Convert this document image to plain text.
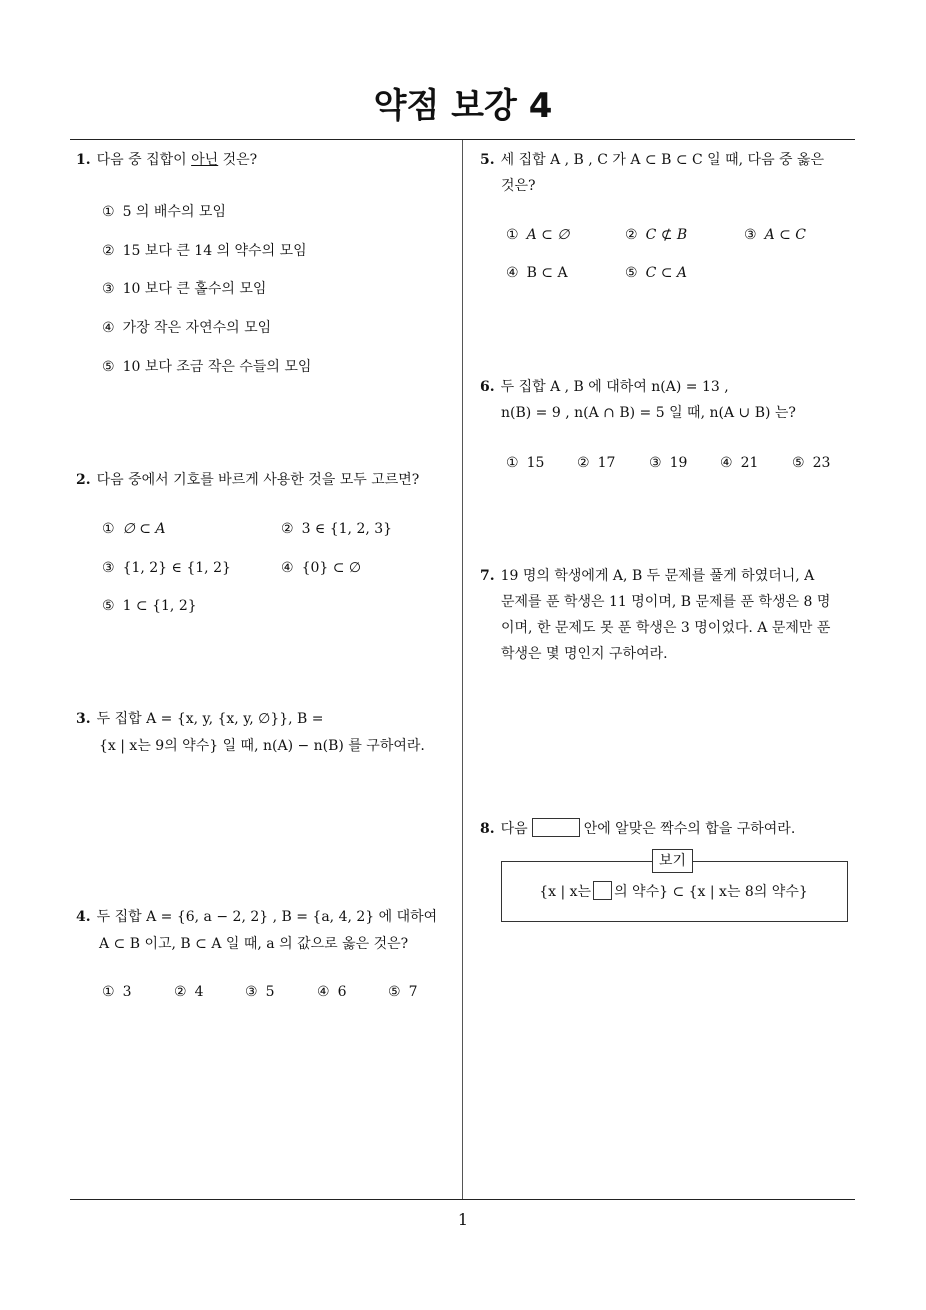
약점 보강 4
1
1. 다음 중 집합이 아닌 것은?
① 5 의 배수의 모임
② 15 보다 큰 14 의 약수의 모임
③ 10 보다 큰 홀수의 모임
④ 가장 작은 자연수의 모임
⑤ 10 보다 조금 작은 수들의 모임
2. 다음 중에서 기호를 바르게 사용한 것을 모두 고르면?
① ∅ ⊂ A	② 3 ∈ {1, 2, 3}
③ {1, 2} ∈ {1, 2}	④ {0} ⊂ ∅
⑤ 1 ⊂ {1, 2}
3. 두 집합 A = {x, y, {x, y, ∅}}, B =
{x | x는 9의 약수} 일 때, n(A) − n(B) 를 구하여라.
4. 두 집합 A = {6, a − 2, 2} , B = {a, 4, 2} 에 대하여
A ⊂ B 이고, B ⊂ A 일 때, a 의 값으로 옳은 것은?
① 3	② 4	③ 5	④ 6	⑤ 7
5. 세 집합 A , B , C 가 A ⊂ B ⊂ C 일 때, 다음 중 옳은
것은?
① A ⊂ ∅	② C ⊄ B	③ A ⊂ C
④ B ⊂ A	⑤ C ⊂ A
6. 두 집합 A , B 에 대하여 n(A) = 13 ,
n(B) = 9 , n(A ∩ B) = 5 일 때, n(A ∪ B) 는?
① 15 ② 17 ③ 19 ④ 21 ⑤ 23
7. 19 명의 학생에게 A, B 두 문제를 풀게 하였더니, A
문제를 푼 학생은 11 명이며, B 문제를 푼 학생은 8 명
이며, 한 문제도 못 푼 학생은 3 명이었다. A 문제만 푼
학생은 몇 명인지 구하여라.
8. 다음	안에 알맞은 짝수의 합을 구하여라.
보기
{x | x는 의 약수} ⊂ {x | x는 8의 약수}
